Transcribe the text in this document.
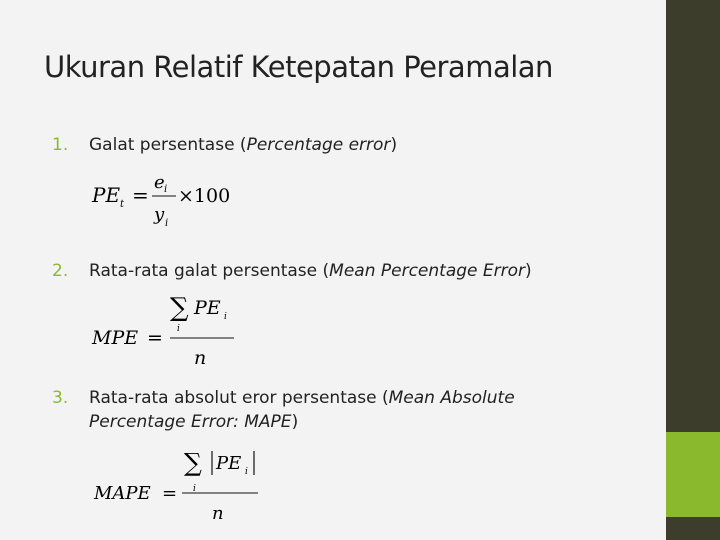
Ukuran Relatif Ketepatan Peramalan
1. Galat persentase (Percentage error)
PE t =
e i
y i
×100
2. Rata-rata galat persentase (Mean Percentage Error)
MPE =
∑
i
PE i
n
3. Rata-rata absolut eror persentase (Mean Absolute Percentage Error: MAPE)
MAPE =
∑
i
PE i
n
